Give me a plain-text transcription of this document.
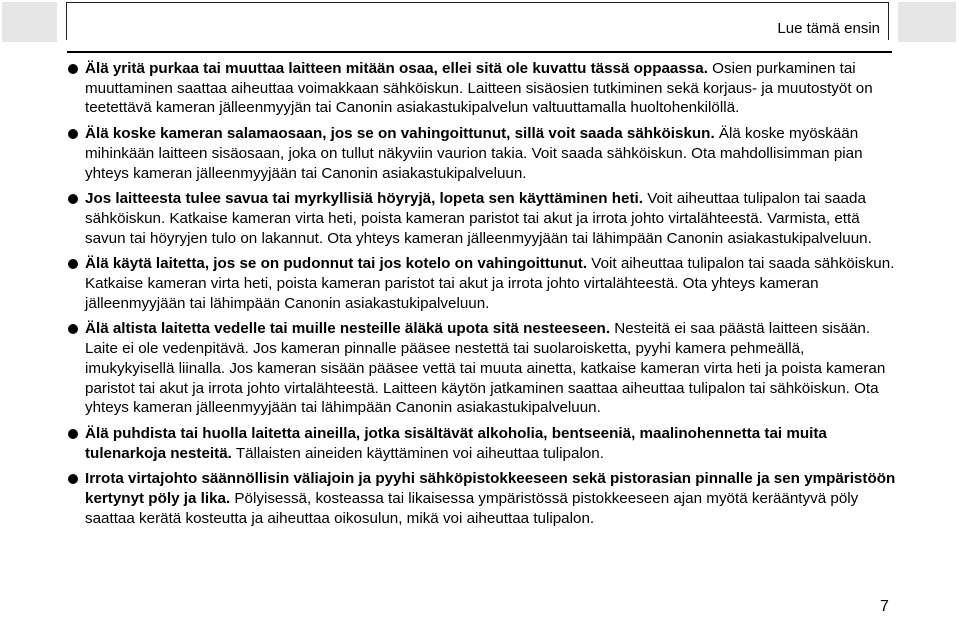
Lue tämä ensin
Älä yritä purkaa tai muuttaa laitteen mitään osaa, ellei sitä ole kuvattu tässä oppaassa. Osien purkaminen tai muuttaminen saattaa aiheuttaa voimakkaan sähköiskun. Laitteen sisäosien tutkiminen sekä korjaus- ja muutostyöt on teetettävä kameran jälleenmyyjän tai Canonin asiakastukipalvelun valtuuttamalla huoltohenkilöllä.
Älä koske kameran salamaosaan, jos se on vahingoittunut, sillä voit saada sähköiskun. Älä koske myöskään mihinkään laitteen sisäosaan, joka on tullut näkyviin vaurion takia. Voit saada sähköiskun. Ota mahdollisimman pian yhteys kameran jälleenmyyjään tai Canonin asiakastukipalveluun.
Jos laitteesta tulee savua tai myrkyllisiä höyryjä, lopeta sen käyttäminen heti. Voit aiheuttaa tulipalon tai saada sähköiskun. Katkaise kameran virta heti, poista kameran paristot tai akut ja irrota johto virtalähteestä. Varmista, että savun tai höyryjen tulo on lakannut. Ota yhteys kameran jälleenmyyjään tai lähimpään Canonin asiakastukipalveluun.
Älä käytä laitetta, jos se on pudonnut tai jos kotelo on vahingoittunut. Voit aiheuttaa tulipalon tai saada sähköiskun. Katkaise kameran virta heti, poista kameran paristot tai akut ja irrota johto virtalähteestä. Ota yhteys kameran jälleenmyyjään tai lähimpään Canonin asiakastukipalveluun.
Älä altista laitetta vedelle tai muille nesteille äläkä upota sitä nesteeseen. Nesteitä ei saa päästä laitteen sisään. Laite ei ole vedenpitävä. Jos kameran pinnalle pääsee nestettä tai suolaroisketta, pyyhi kamera pehmeällä, imukykyisellä liinalla. Jos kameran sisään pääsee vettä tai muuta ainetta, katkaise kameran virta heti ja poista kameran paristot tai akut ja irrota johto virtalähteestä. Laitteen käytön jatkaminen saattaa aiheuttaa tulipalon tai sähköiskun. Ota yhteys kameran jälleenmyyjään tai lähimpään Canonin asiakastukipalveluun.
Älä puhdista tai huolla laitetta aineilla, jotka sisältävät alkoholia, bentseeniä, maalinohennetta tai muita tulenarkoja nesteitä. Tällaisten aineiden käyttäminen voi aiheuttaa tulipalon.
Irrota virtajohto säännöllisin väliajoin ja pyyhi sähköpistokkeeseen sekä pistorasian pinnalle ja sen ympäristöön kertynyt pöly ja lika. Pölyisessä, kosteassa tai likaisessa ympäristössä pistokkeeseen ajan myötä kerääntyvä pöly saattaa kerätä kosteutta ja aiheuttaa oikosulun, mikä voi aiheuttaa tulipalon.
7
